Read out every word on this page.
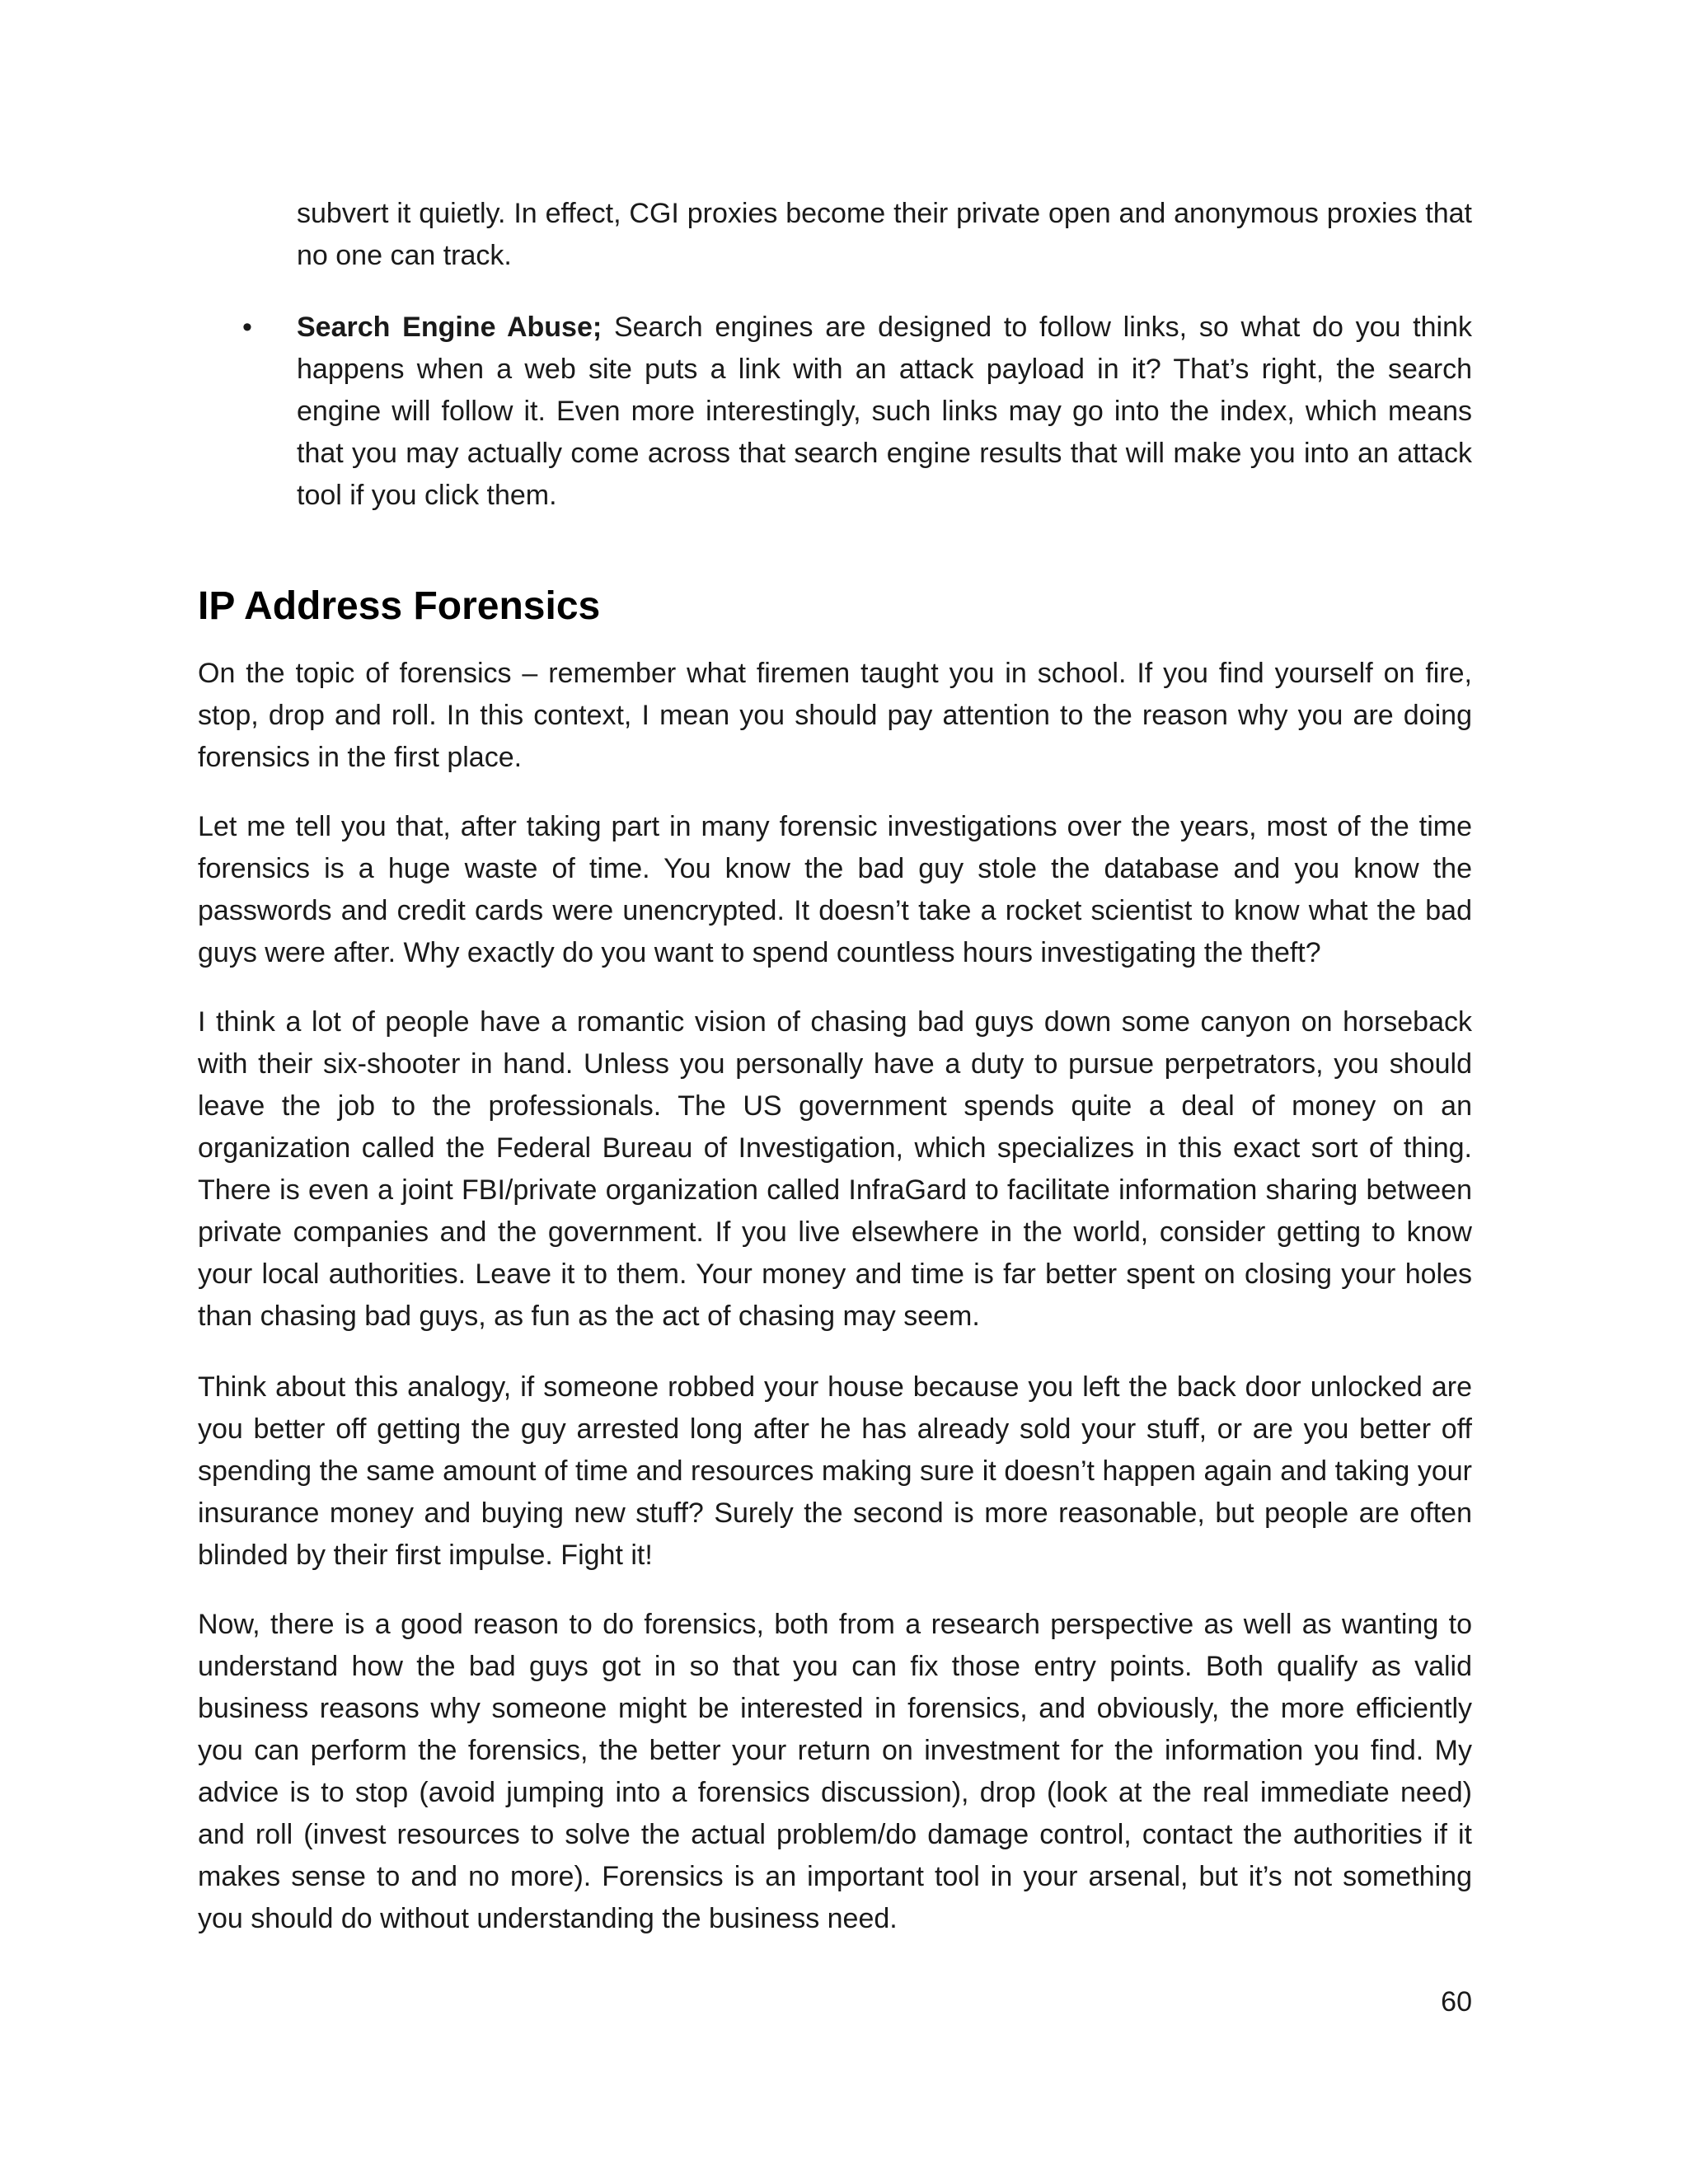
subvert it quietly. In effect, CGI proxies become their private open and anonymous proxies that no one can track.

• Search Engine Abuse; Search engines are designed to follow links, so what do you think happens when a web site puts a link with an attack payload in it? That’s right, the search engine will follow it. Even more interestingly, such links may go into the index, which means that you may actually come across that search engine results that will make you into an attack tool if you click them.

IP Address Forensics

On the topic of forensics – remember what firemen taught you in school. If you find yourself on fire, stop, drop and roll. In this context, I mean you should pay attention to the reason why you are doing forensics in the first place.

Let me tell you that, after taking part in many forensic investigations over the years, most of the time forensics is a huge waste of time. You know the bad guy stole the database and you know the passwords and credit cards were unencrypted. It doesn’t take a rocket scientist to know what the bad guys were after. Why exactly do you want to spend countless hours investigating the theft?

I think a lot of people have a romantic vision of chasing bad guys down some canyon on horseback with their six-shooter in hand. Unless you personally have a duty to pursue perpetrators, you should leave the job to the professionals. The US government spends quite a deal of money on an organization called the Federal Bureau of Investigation, which specializes in this exact sort of thing. There is even a joint FBI/private organization called InfraGard to facilitate information sharing between private companies and the government. If you live elsewhere in the world, consider getting to know your local authorities. Leave it to them. Your money and time is far better spent on closing your holes than chasing bad guys, as fun as the act of chasing may seem.

Think about this analogy, if someone robbed your house because you left the back door unlocked are you better off getting the guy arrested long after he has already sold your stuff, or are you better off spending the same amount of time and resources making sure it doesn’t happen again and taking your insurance money and buying new stuff? Surely the second is more reasonable, but people are often blinded by their first impulse. Fight it!

Now, there is a good reason to do forensics, both from a research perspective as well as wanting to understand how the bad guys got in so that you can fix those entry points. Both qualify as valid business reasons why someone might be interested in forensics, and obviously, the more efficiently you can perform the forensics, the better your return on investment for the information you find. My advice is to stop (avoid jumping into a forensics discussion), drop (look at the real immediate need) and roll (invest resources to solve the actual problem/do damage control, contact the authorities if it makes sense to and no more). Forensics is an important tool in your arsenal, but it’s not something you should do without understanding the business need.

60
